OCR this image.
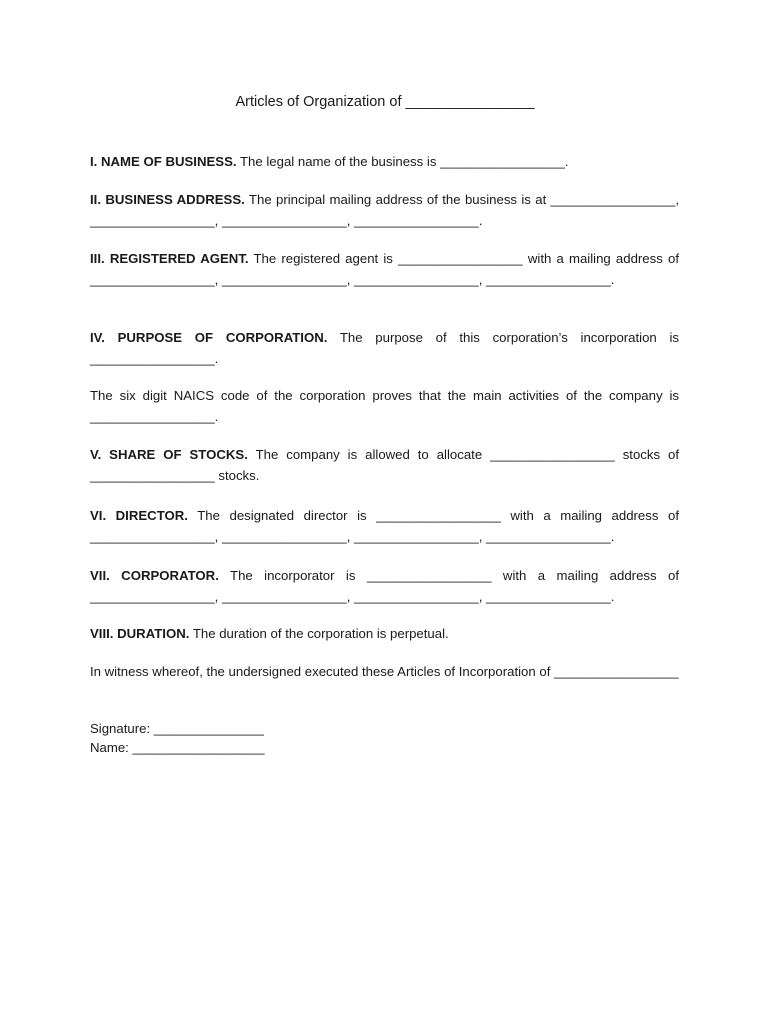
Articles of Organization of ________________
I. NAME OF BUSINESS. The legal name of the business is _________________.
II. BUSINESS ADDRESS. The principal mailing address of the business is at _________________, _________________, _________________, _________________.
III. REGISTERED AGENT. The registered agent is _________________ with a mailing address of _________________, _________________, _________________, _________________.
IV. PURPOSE OF CORPORATION. The purpose of this corporation’s incorporation is _________________.
The six digit NAICS code of the corporation proves that the main activities of the company is _________________.
V. SHARE OF STOCKS. The company is allowed to allocate _________________ stocks of _________________ stocks.
VI. DIRECTOR. The designated director is _________________ with a mailing address of _________________, _________________, _________________, _________________.
VII. CORPORATOR. The incorporator is _________________ with a mailing address of _________________, _________________, _________________, _________________.
VIII. DURATION. The duration of the corporation is perpetual.
In witness whereof, the undersigned executed these Articles of Incorporation of _________________
Signature: _______________
Name: __________________
